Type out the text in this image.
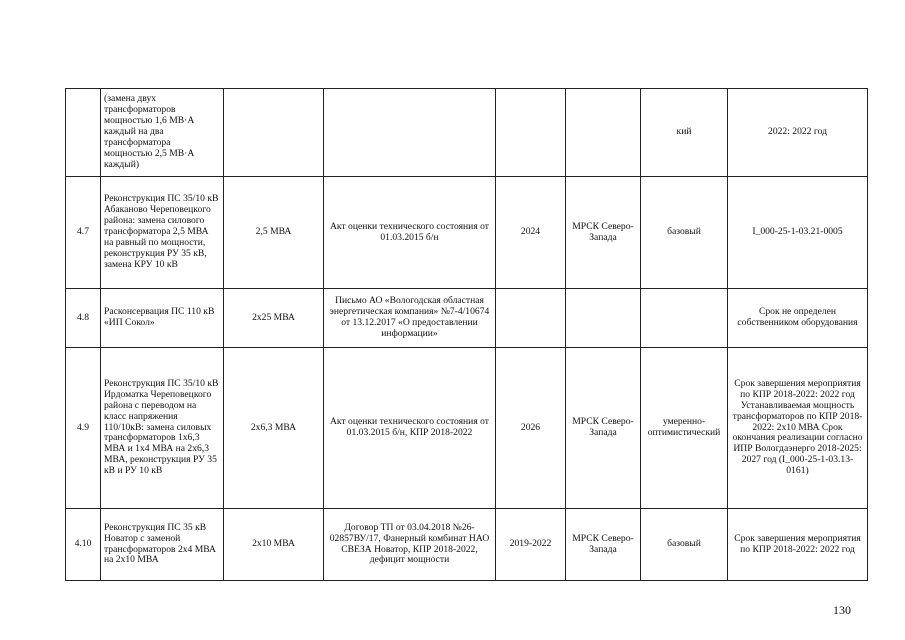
	(замена двух трансформаторов мощностью 1,6 МВ·А каждый на два трансформатора мощностью 2,5 МВ·А каждый)					кий	2022: 2022 год
4.7	Реконструкция ПС 35/10 кВ Абаканово Череповецкого района: замена силового трансформатора 2,5 МВА на равный по мощности, реконструкция РУ 35 кВ, замена КРУ 10 кВ	2,5 МВА	Акт оценки технического состояния от 01.03.2015 б/н	2024	МРСК Северо-Запада	базовый	I_000-25-1-03.21-0005
4.8	Расконсервация ПС 110 кВ «ИП Сокол»	2х25 МВА	Письмо АО «Вологодская областная энергетическая компания» №7-4/10674 от 13.12.2017 «О предоставлении информации»				Срок не определен собственником оборудования
4.9	Реконструкция ПС 35/10 кВ Ирдоматка Череповецкого района с переводом на класс напряжения 110/10кВ: замена силовых трансформаторов 1х6,3 МВА и 1х4 МВА на 2х6,3 МВА, реконструкция РУ 35 кВ и РУ 10 кВ	2х6,3 МВА	Акт оценки технического состояния от 01.03.2015 б/н, КПР 2018-2022	2026	МРСК Северо-Запада	умеренно-оптимистический	Срок завершения мероприятия по КПР 2018-2022: 2022 год Устанавливаемая мощность трансформаторов по КПР 2018-2022: 2х10 МВА Срок окончания реализации согласно ИПР Вологдаэнерго 2018-2025: 2027 год (I_000-25-1-03.13-0161)
4.10	Реконструкция ПС 35 кВ Новатор с заменой трансформаторов 2х4 МВА на 2х10 МВА	2х10 МВА	Договор ТП от 03.04.2018 №26-02857ВУ/17, Фанерный комбинат НАО СВЕЗА Новатор, КПР 2018-2022, дефицит мощности	2019-2022	МРСК Северо-Запада	базовый	Срок завершения мероприятия по КПР 2018-2022: 2022 год
130
